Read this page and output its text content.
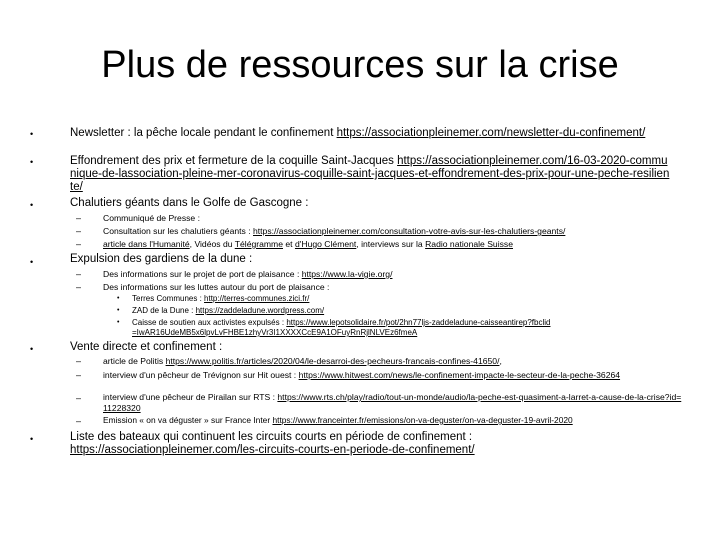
Plus de ressources sur la crise
•	Newsletter : la pêche locale pendant le confinement https://associationpleinemer.com/newsletter-du-confinement/
•	Effondrement des prix et fermeture de la coquille Saint-Jacques https://associationpleinemer.com/16-03-2020-communique-de-lassociation-pleine-mer-coronavirus-coquille-saint-jacques-et-effondrement-des-prix-pour-une-peche-resiliente/
•	Chalutiers géants dans le Golfe de Gascogne :
–	Communiqué de Presse :
–	Consultation sur les chalutiers géants : https://associationpleinemer.com/consultation-votre-avis-sur-les-chalutiers-geants/
–	article dans l'Humanité, Vidéos du Télégramme et d'Hugo Clément, interviews sur la Radio nationale Suisse
•	Expulsion des gardiens de la dune :
–	Des informations sur le projet de port de plaisance : https://www.la-vigie.org/
–	Des informations sur les luttes autour du port de plaisance :
• Terres Communes : http://terres-communes.zici.fr/
• ZAD de la Dune : https://zaddeladune.wordpress.com/
• Caisse de soutien aux activistes expulsés : https://www.lepotsolidaire.fr/pot/2hn77ljs-zaddeladune-caisseantirep?fbclid=IwAR16UdeMB5x6lpvLvFHBE1zhyVr3I1XXXXCcE9A1OFuyRnRjlNLVEz6fmeA
•	Vente directe et confinement :
–	article de Politis https://www.politis.fr/articles/2020/04/le-desarroi-des-pecheurs-francais-confines-41650/,
–	interview d'un pêcheur de Trévignon sur Hit ouest : https://www.hitwest.com/news/le-confinement-impacte-le-secteur-de-la-peche-36264
–	interview d'une pêcheur de Pirailan sur RTS : https://www.rts.ch/play/radio/tout-un-monde/audio/la-peche-est-quasiment-a-larret-a-cause-de-la-crise?id=11228320
–	Emission « on va déguster » sur France Inter https://www.franceinter.fr/emissions/on-va-deguster/on-va-deguster-19-avril-2020
•	Liste des bateaux qui continuent les circuits courts en période de confinement :
https://associationpleinemer.com/les-circuits-courts-en-periode-de-confinement/
